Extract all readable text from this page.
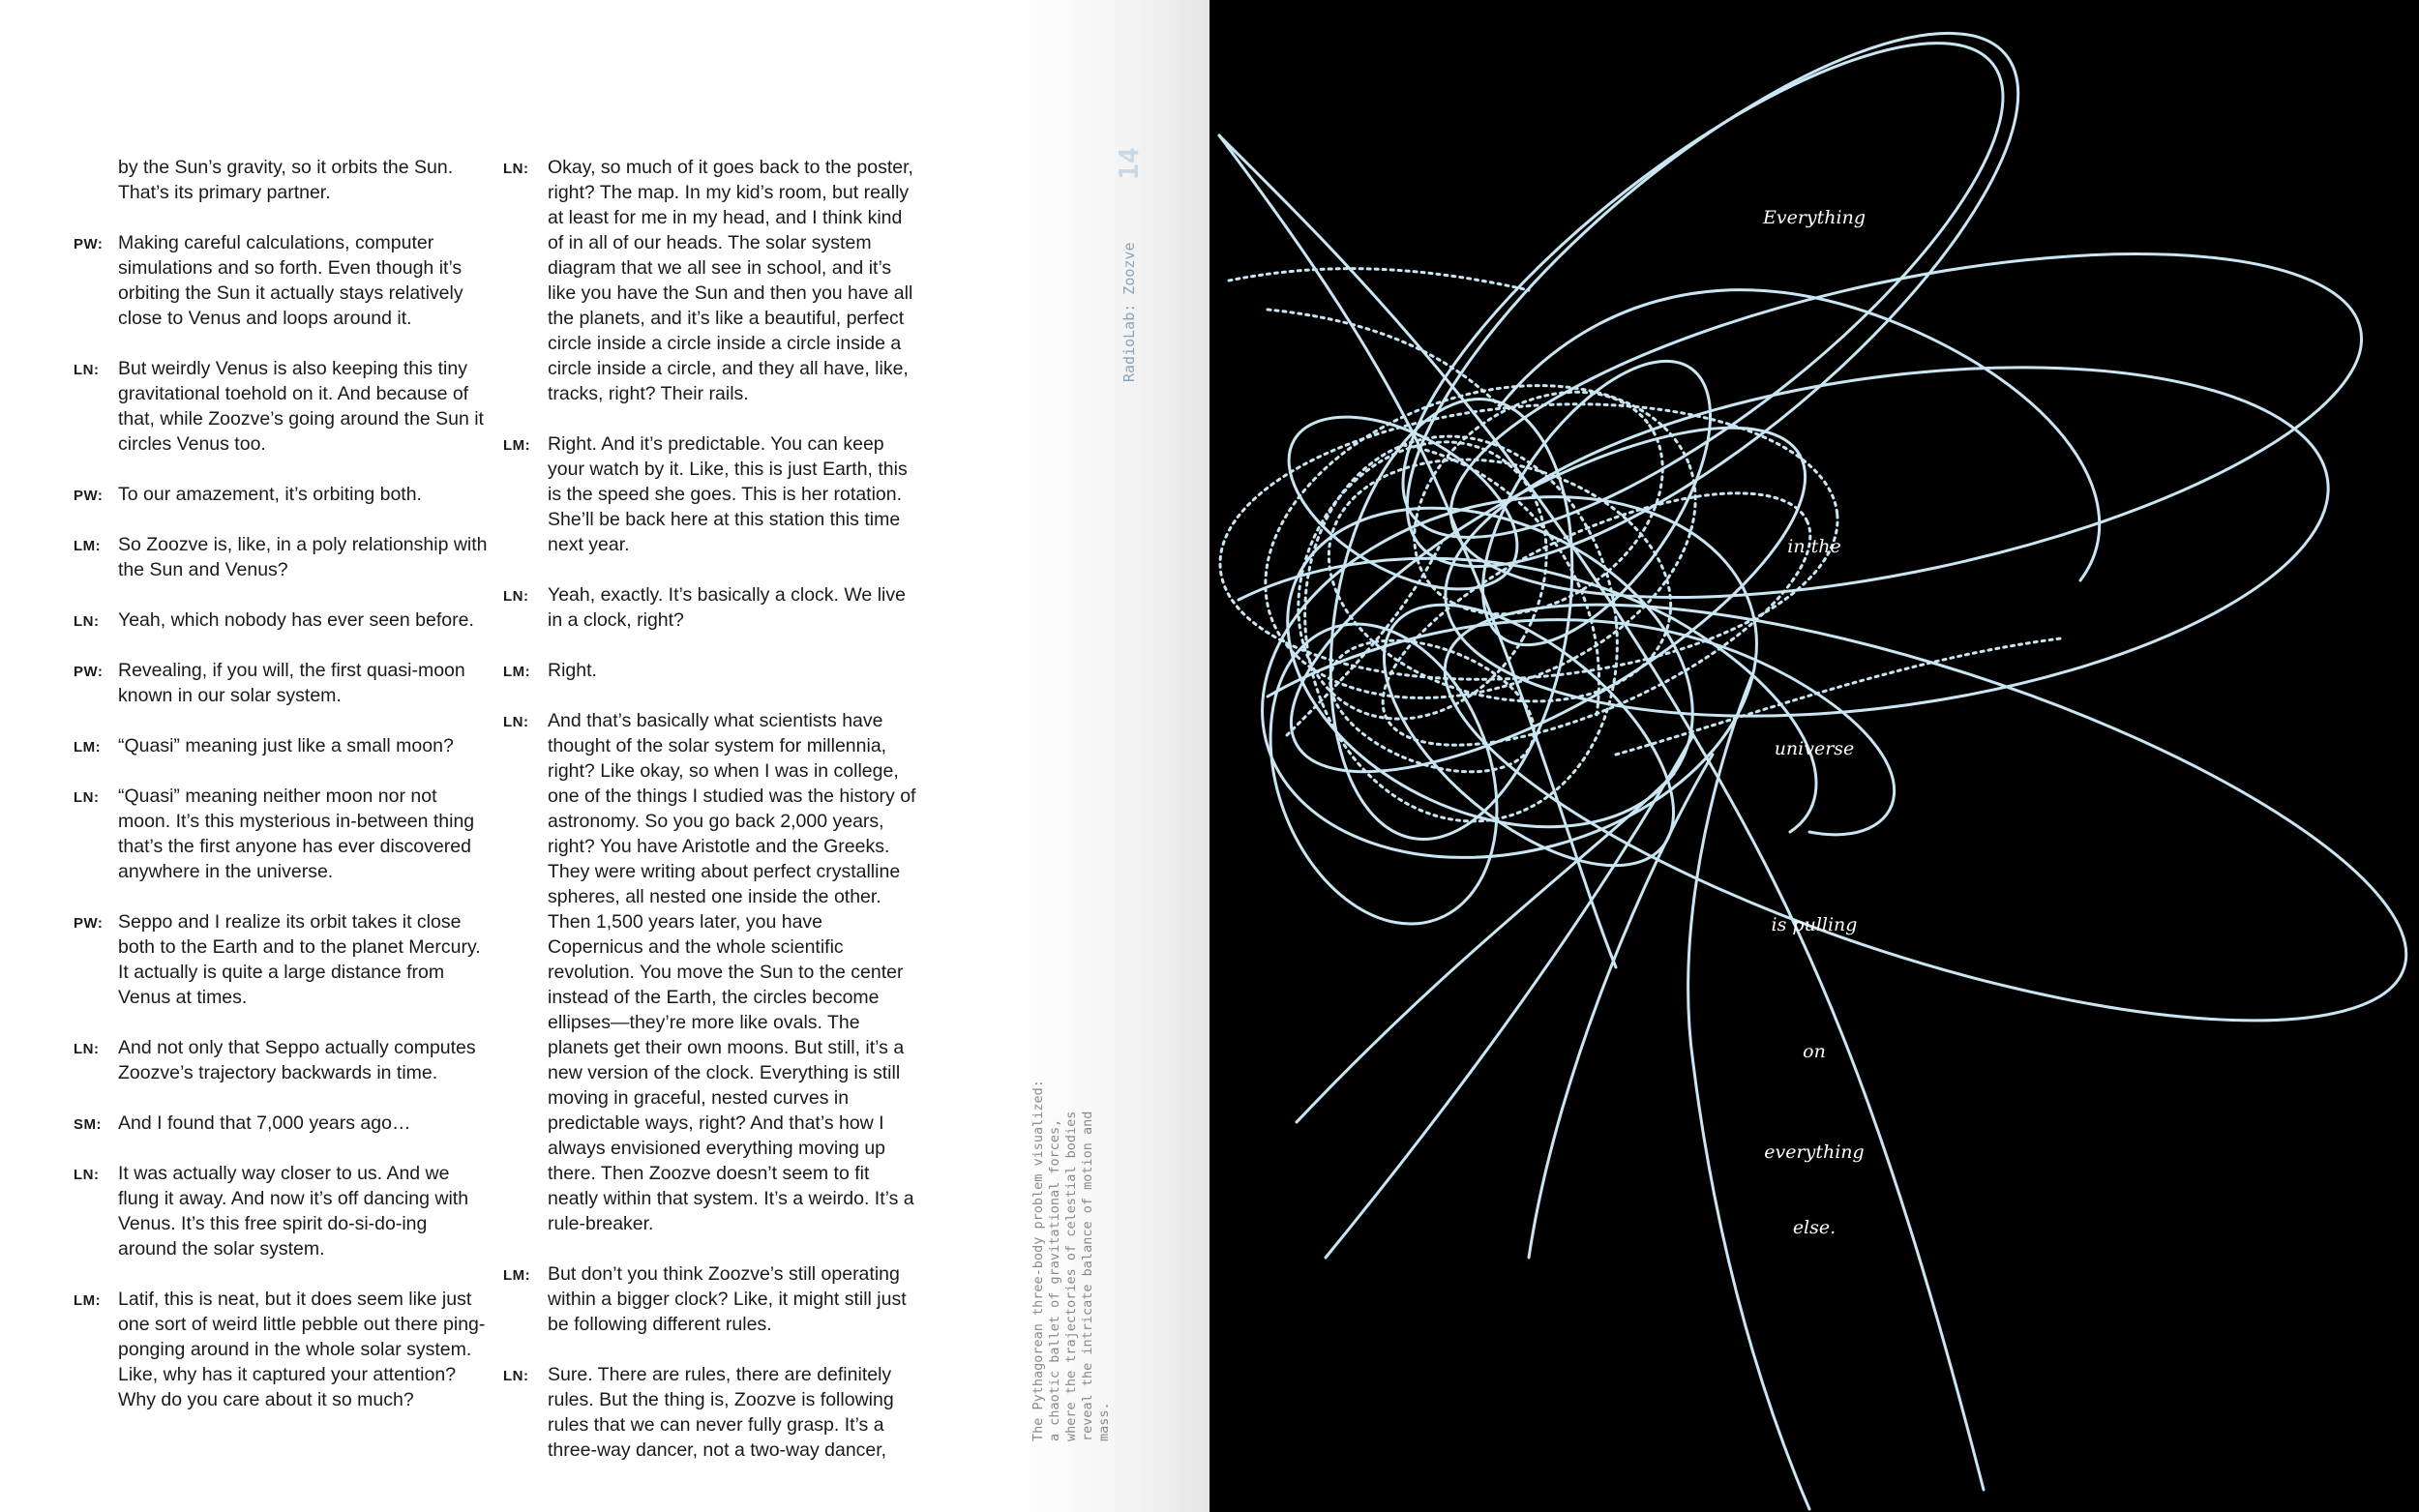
by the Sun’s gravity, so it orbits the Sun. That’s its primary partner.
PW: Making careful calculations, computer simulations and so forth. Even though it’s orbiting the Sun it actually stays relatively close to Venus and loops around it.
LN:	But weirdly Venus is also keeping this tiny gravitational toehold on it. And because of that, while Zoozve’s going around the Sun it circles Venus too.
PW: To our amazement, it’s orbiting both.
LM: So Zoozve is, like, in a poly relationship with the Sun and Venus?
LN:	Yeah, which nobody has ever seen before.
PW: Revealing, if you will, the first quasi-moon known in our solar system.
LM: “Quasi” meaning just like a small moon?
LN:	“Quasi” meaning neither moon nor not moon. It’s this mysterious in-between thing that’s the first anyone has ever discovered anywhere in the universe.
PW: Seppo and I realize its orbit takes it close both to the Earth and to the planet Mercury. It actually is quite a large distance from Venus at times.
LN:	And not only that Seppo actually computes Zoozve’s trajectory backwards in time.
SM: And I found that 7,000 years ago…
LN:	It was actually way closer to us. And we flung it away. And now it’s off dancing with Venus. It’s this free spirit do-si-do-ing around the solar system.
LM: Latif, this is neat, but it does seem like just one sort of weird little pebble out there ping-ponging around in the whole solar system. Like, why has it captured your attention? Why do you care about it so much?
LN:	Okay, so much of it goes back to the poster, right? The map. In my kid’s room, but really at least for me in my head, and I think kind of in all of our heads. The solar system diagram that we all see in school, and it’s like you have the Sun and then you have all the planets, and it’s like a beautiful, perfect circle inside a circle inside a circle inside a circle inside a circle, and they all have, like, tracks, right? Their rails.
LM: Right. And it’s predictable. You can keep your watch by it. Like, this is just Earth, this is the speed she goes. This is her rotation. She’ll be back here at this station this time next year.
LN:	Yeah, exactly. It’s basically a clock. We live in a clock, right?
LM: Right.
LN:	And that’s basically what scientists have thought of the solar system for millennia, right? Like okay, so when I was in college, one of the things I studied was the history of astronomy. So you go back 2,000 years, right? You have Aristotle and the Greeks. They were writing about perfect crystalline spheres, all nested one inside the other. Then 1,500 years later, you have Copernicus and the whole scientific revolution. You move the Sun to the center instead of the Earth, the circles become ellipses—they’re more like ovals. The planets get their own moons. But still, it’s a new version of the clock. Everything is still moving in graceful, nested curves in predictable ways, right? And that’s how I always envisioned everything moving up there. Then Zoozve doesn’t seem to fit neatly within that system. It’s a weirdo. It’s a rule-breaker.
LM: But don’t you think Zoozve’s still operating within a bigger clock? Like, it might still just be following different rules.
LN:	Sure. There are rules, there are definitely rules. But the thing is, Zoozve is following rules that we can never fully grasp. It’s a three-way dancer, not a two-way dancer,
The Pythagorean three-body problem visualized: a chaotic ballet of gravitational forces, where the trajectories of celestial bodies reveal the intricate balance of motion and mass.
RadioLab: Zoozve
14
Everything
in the
universe
is pulling
on
everything
else.
